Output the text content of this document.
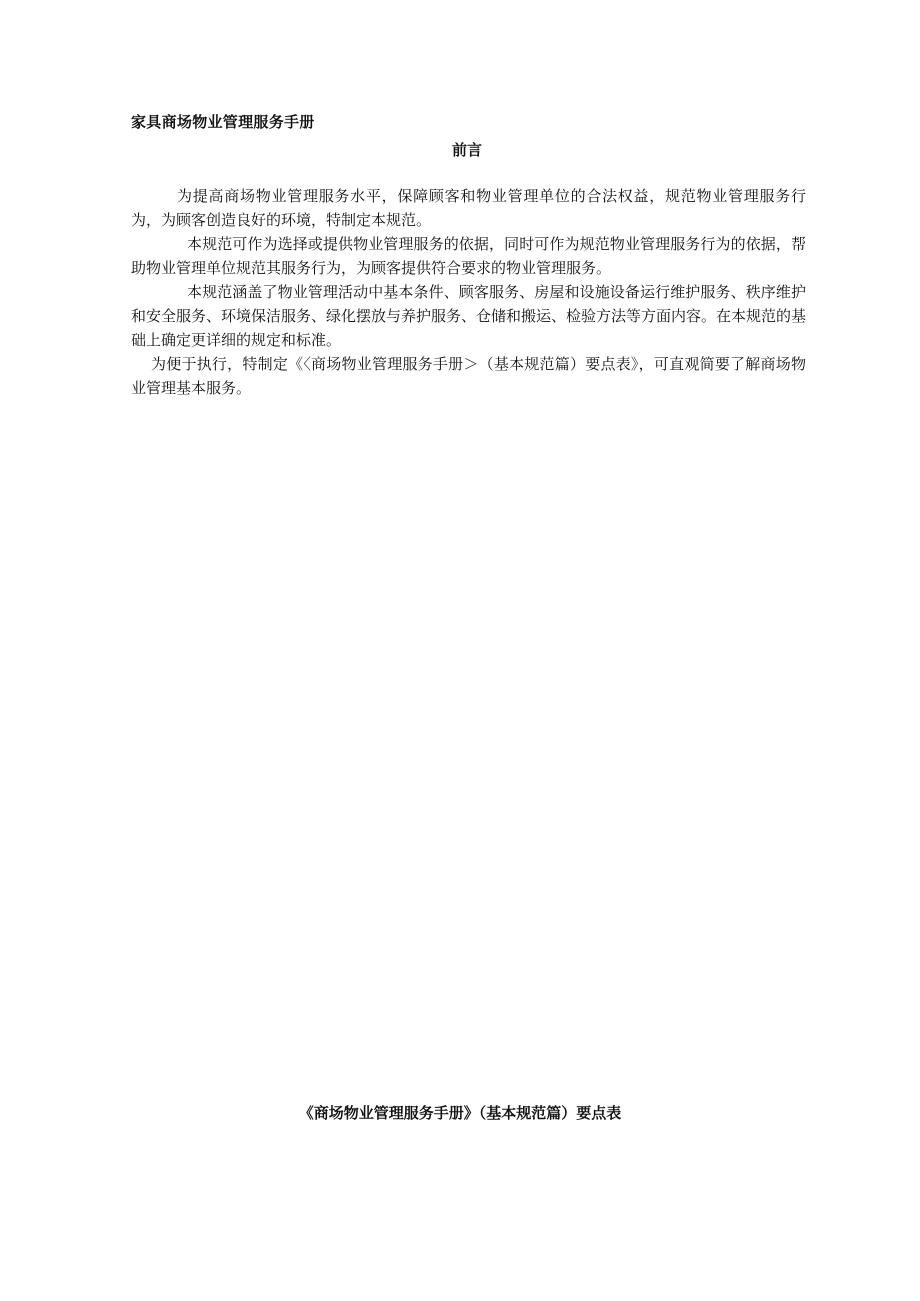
家具商场物业管理服务手册
前言

为提高商场物业管理服务水平，保障顾客和物业管理单位的合法权益，规范物业管理服务行为，为顾客创造良好的环境，特制定本规范。

本规范可作为选择或提供物业管理服务的依据，同时可作为规范物业管理服务行为的依据，帮助物业管理单位规范其服务行为，为顾客提供符合要求的物业管理服务。

本规范涵盖了物业管理活动中基本条件、顾客服务、房屋和设施设备运行维护服务、秩序维护和安全服务、环境保洁服务、绿化摆放与养护服务、仓储和搬运、检验方法等方面内容。在本规范的基础上确定更详细的规定和标准。

为便于执行，特制定《〈商场物业管理服务手册＞（基本规范篇）要点表》，可直观简要了解商场物业管理基本服务。

《商场物业管理服务手册》（基本规范篇）要点表
